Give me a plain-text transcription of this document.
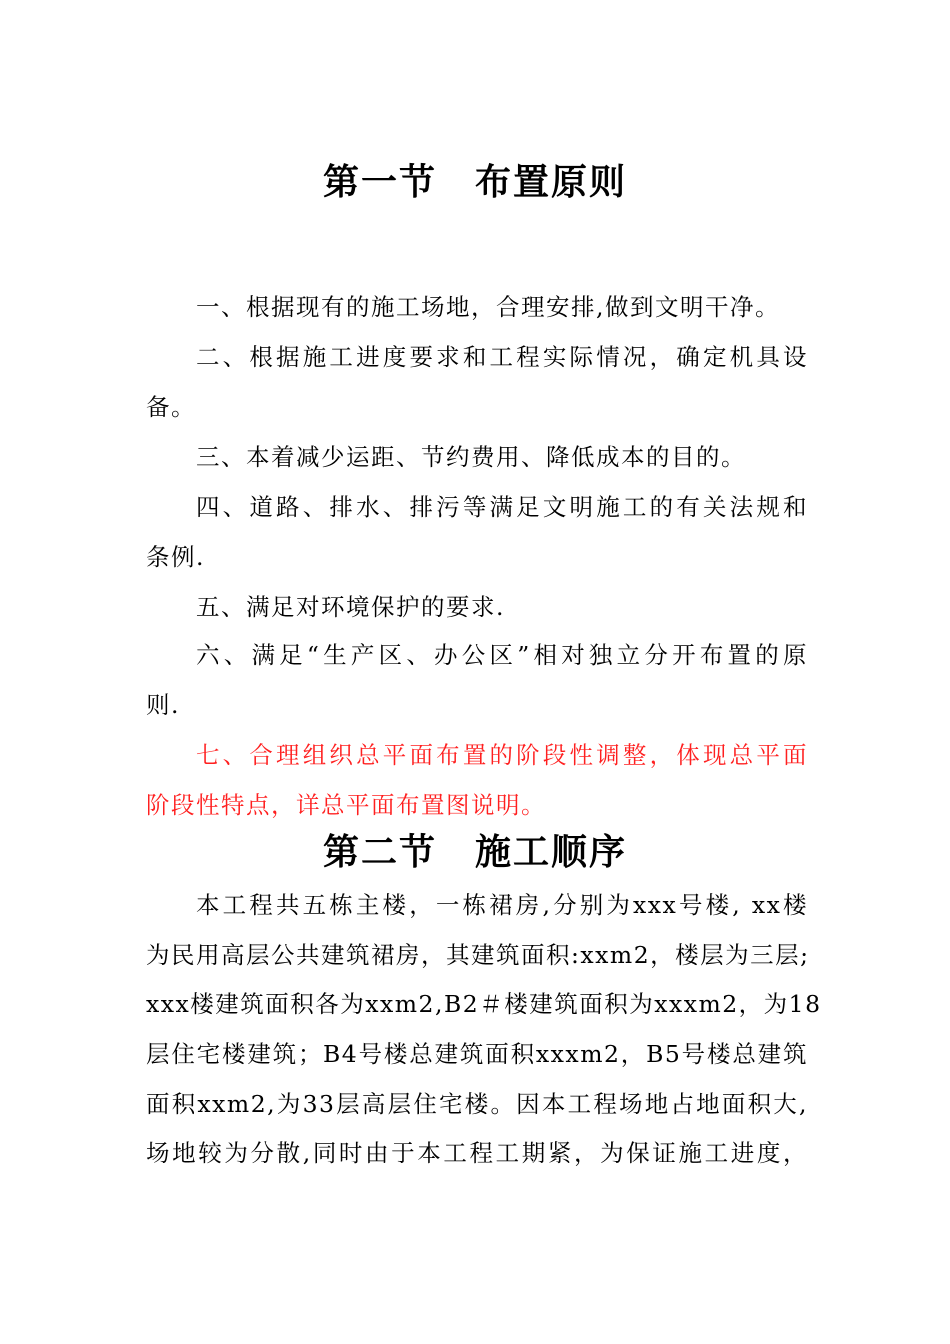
第一节　布置原则
一、根据现有的施工场地，合理安排,做到文明干净。
二、根据施工进度要求和工程实际情况，确定机具设
备。
三、本着减少运距、节约费用、降低成本的目的。
四、道路、排水、排污等满足文明施工的有关法规和
条例.
五、满足对环境保护的要求.
六、满足“生产区、办公区”相对独立分开布置的原
则.
七、合理组织总平面布置的阶段性调整，体现总平面
阶段性特点，详总平面布置图说明。
第二节　施工顺序
本工程共五栋主楼，一栋裙房,分别为xxx号楼, xx楼
为民用高层公共建筑裙房，其建筑面积:xxm2，楼层为三层;
xxx楼建筑面积各为xxm2,B2＃楼建筑面积为xxxm2，为18
层住宅楼建筑；B4号楼总建筑面积xxxm2，B5号楼总建筑
面积xxm2,为33层高层住宅楼。因本工程场地占地面积大,
场地较为分散,同时由于本工程工期紧，为保证施工进度，
